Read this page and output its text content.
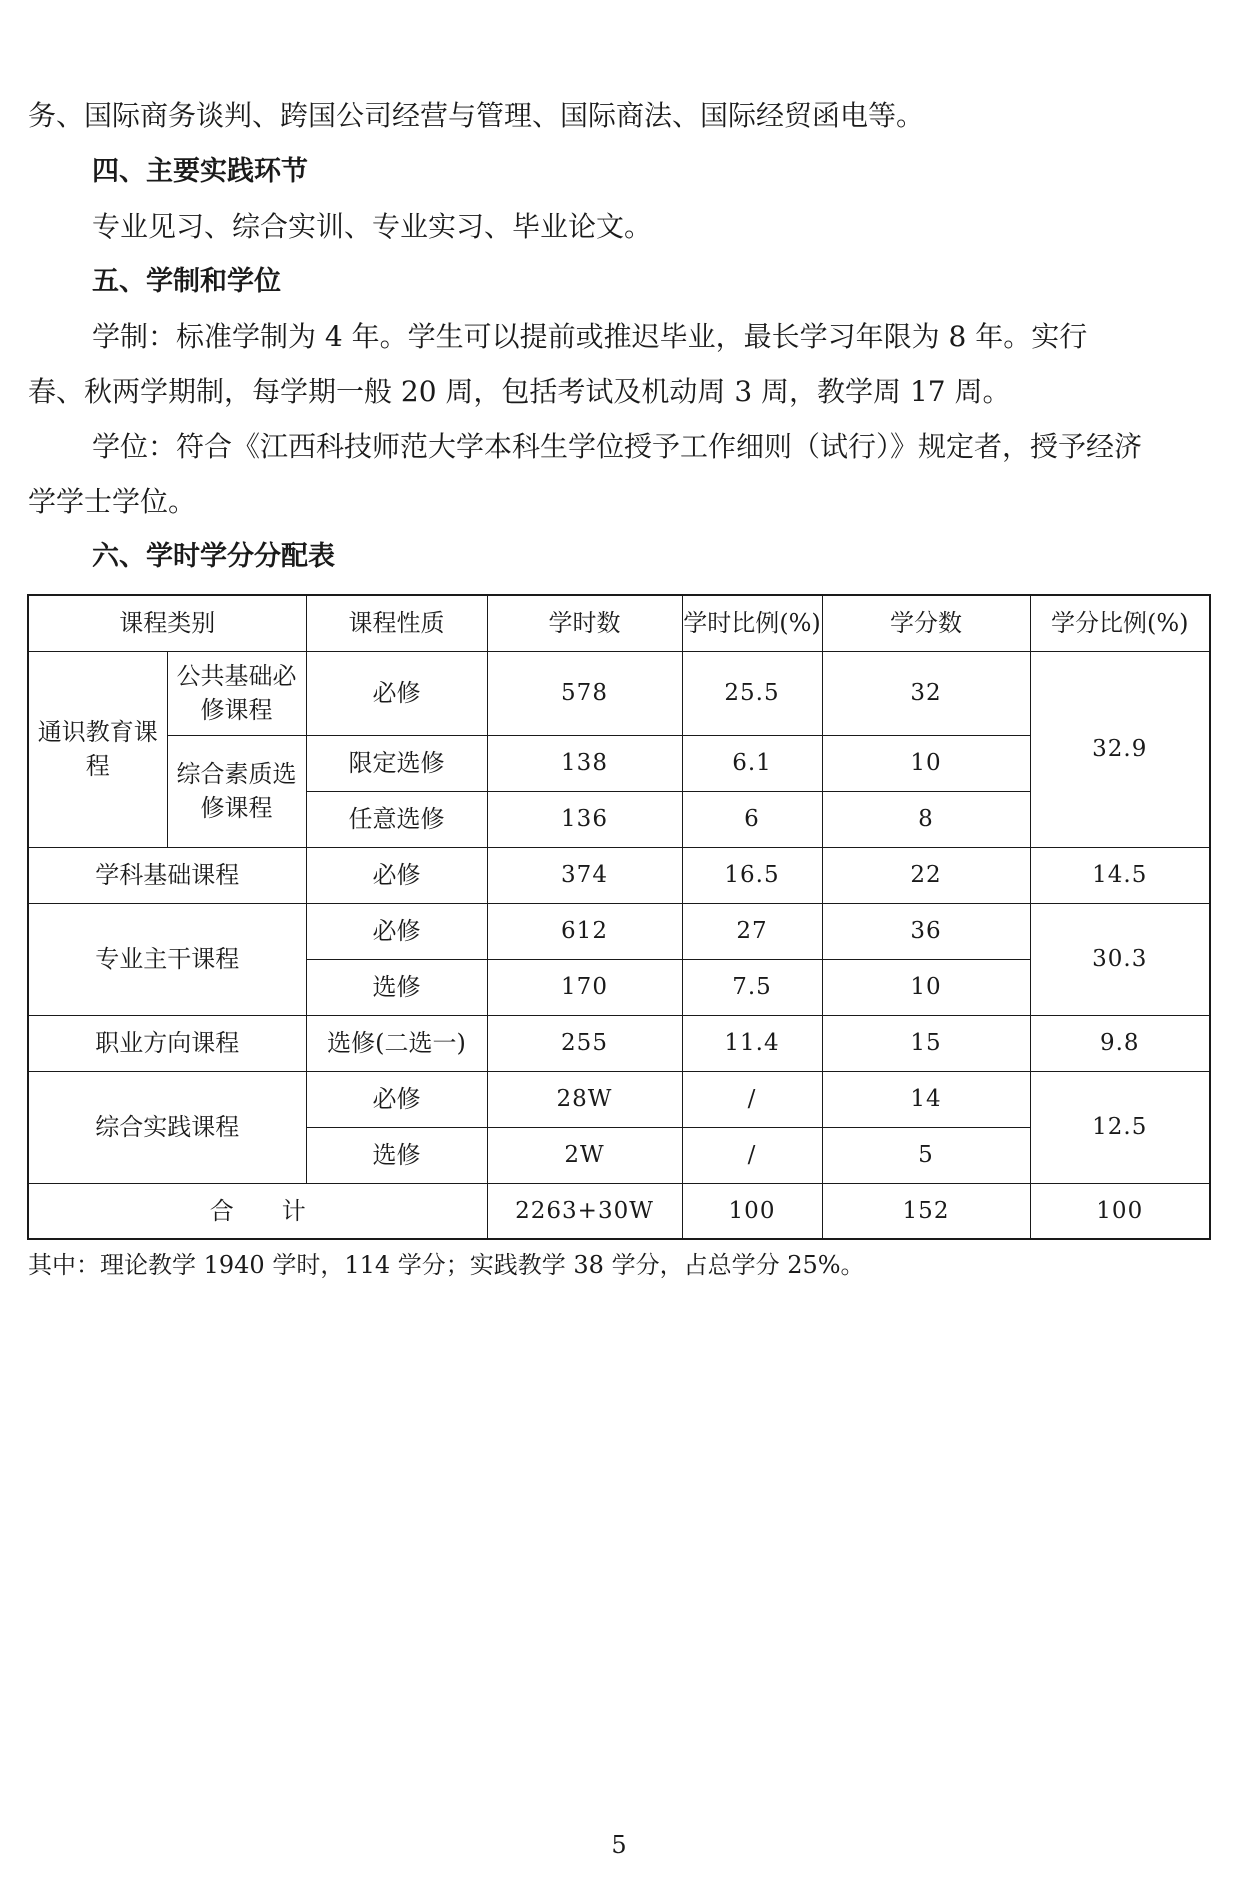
务、国际商务谈判、跨国公司经营与管理、国际商法、国际经贸函电等。
四、主要实践环节
专业见习、综合实训、专业实习、毕业论文。
五、学制和学位
学制：标准学制为 4 年。学生可以提前或推迟毕业，最长学习年限为 8 年。实行
春、秋两学期制，每学期一般 20 周，包括考试及机动周 3 周，教学周 17 周。
学位：符合《江西科技师范大学本科生学位授予工作细则（试行）》规定者，授予经济
学学士学位。
六、学时学分分配表
课程类别		课程性质	学时数	学时比例(%)	学分数	学分比例(%)
通识教育课程	公共基础必修课程	必修	578	25.5	32	32.9
	综合素质选修课程	限定选修	138	6.1	10	
		任意选修	136	6	8	
学科基础课程		必修	374	16.5	22	14.5
专业主干课程		必修	612	27	36	30.3
		选修	170	7.5	10	
职业方向课程		选修(二选一)	255	11.4	15	9.8
综合实践课程		必修	28W	/	14	12.5
		选修	2W	/	5	
合　　计			2263+30W	100	152	100
其中：理论教学 1940 学时，114 学分；实践教学 38 学分，占总学分 25%。
5
